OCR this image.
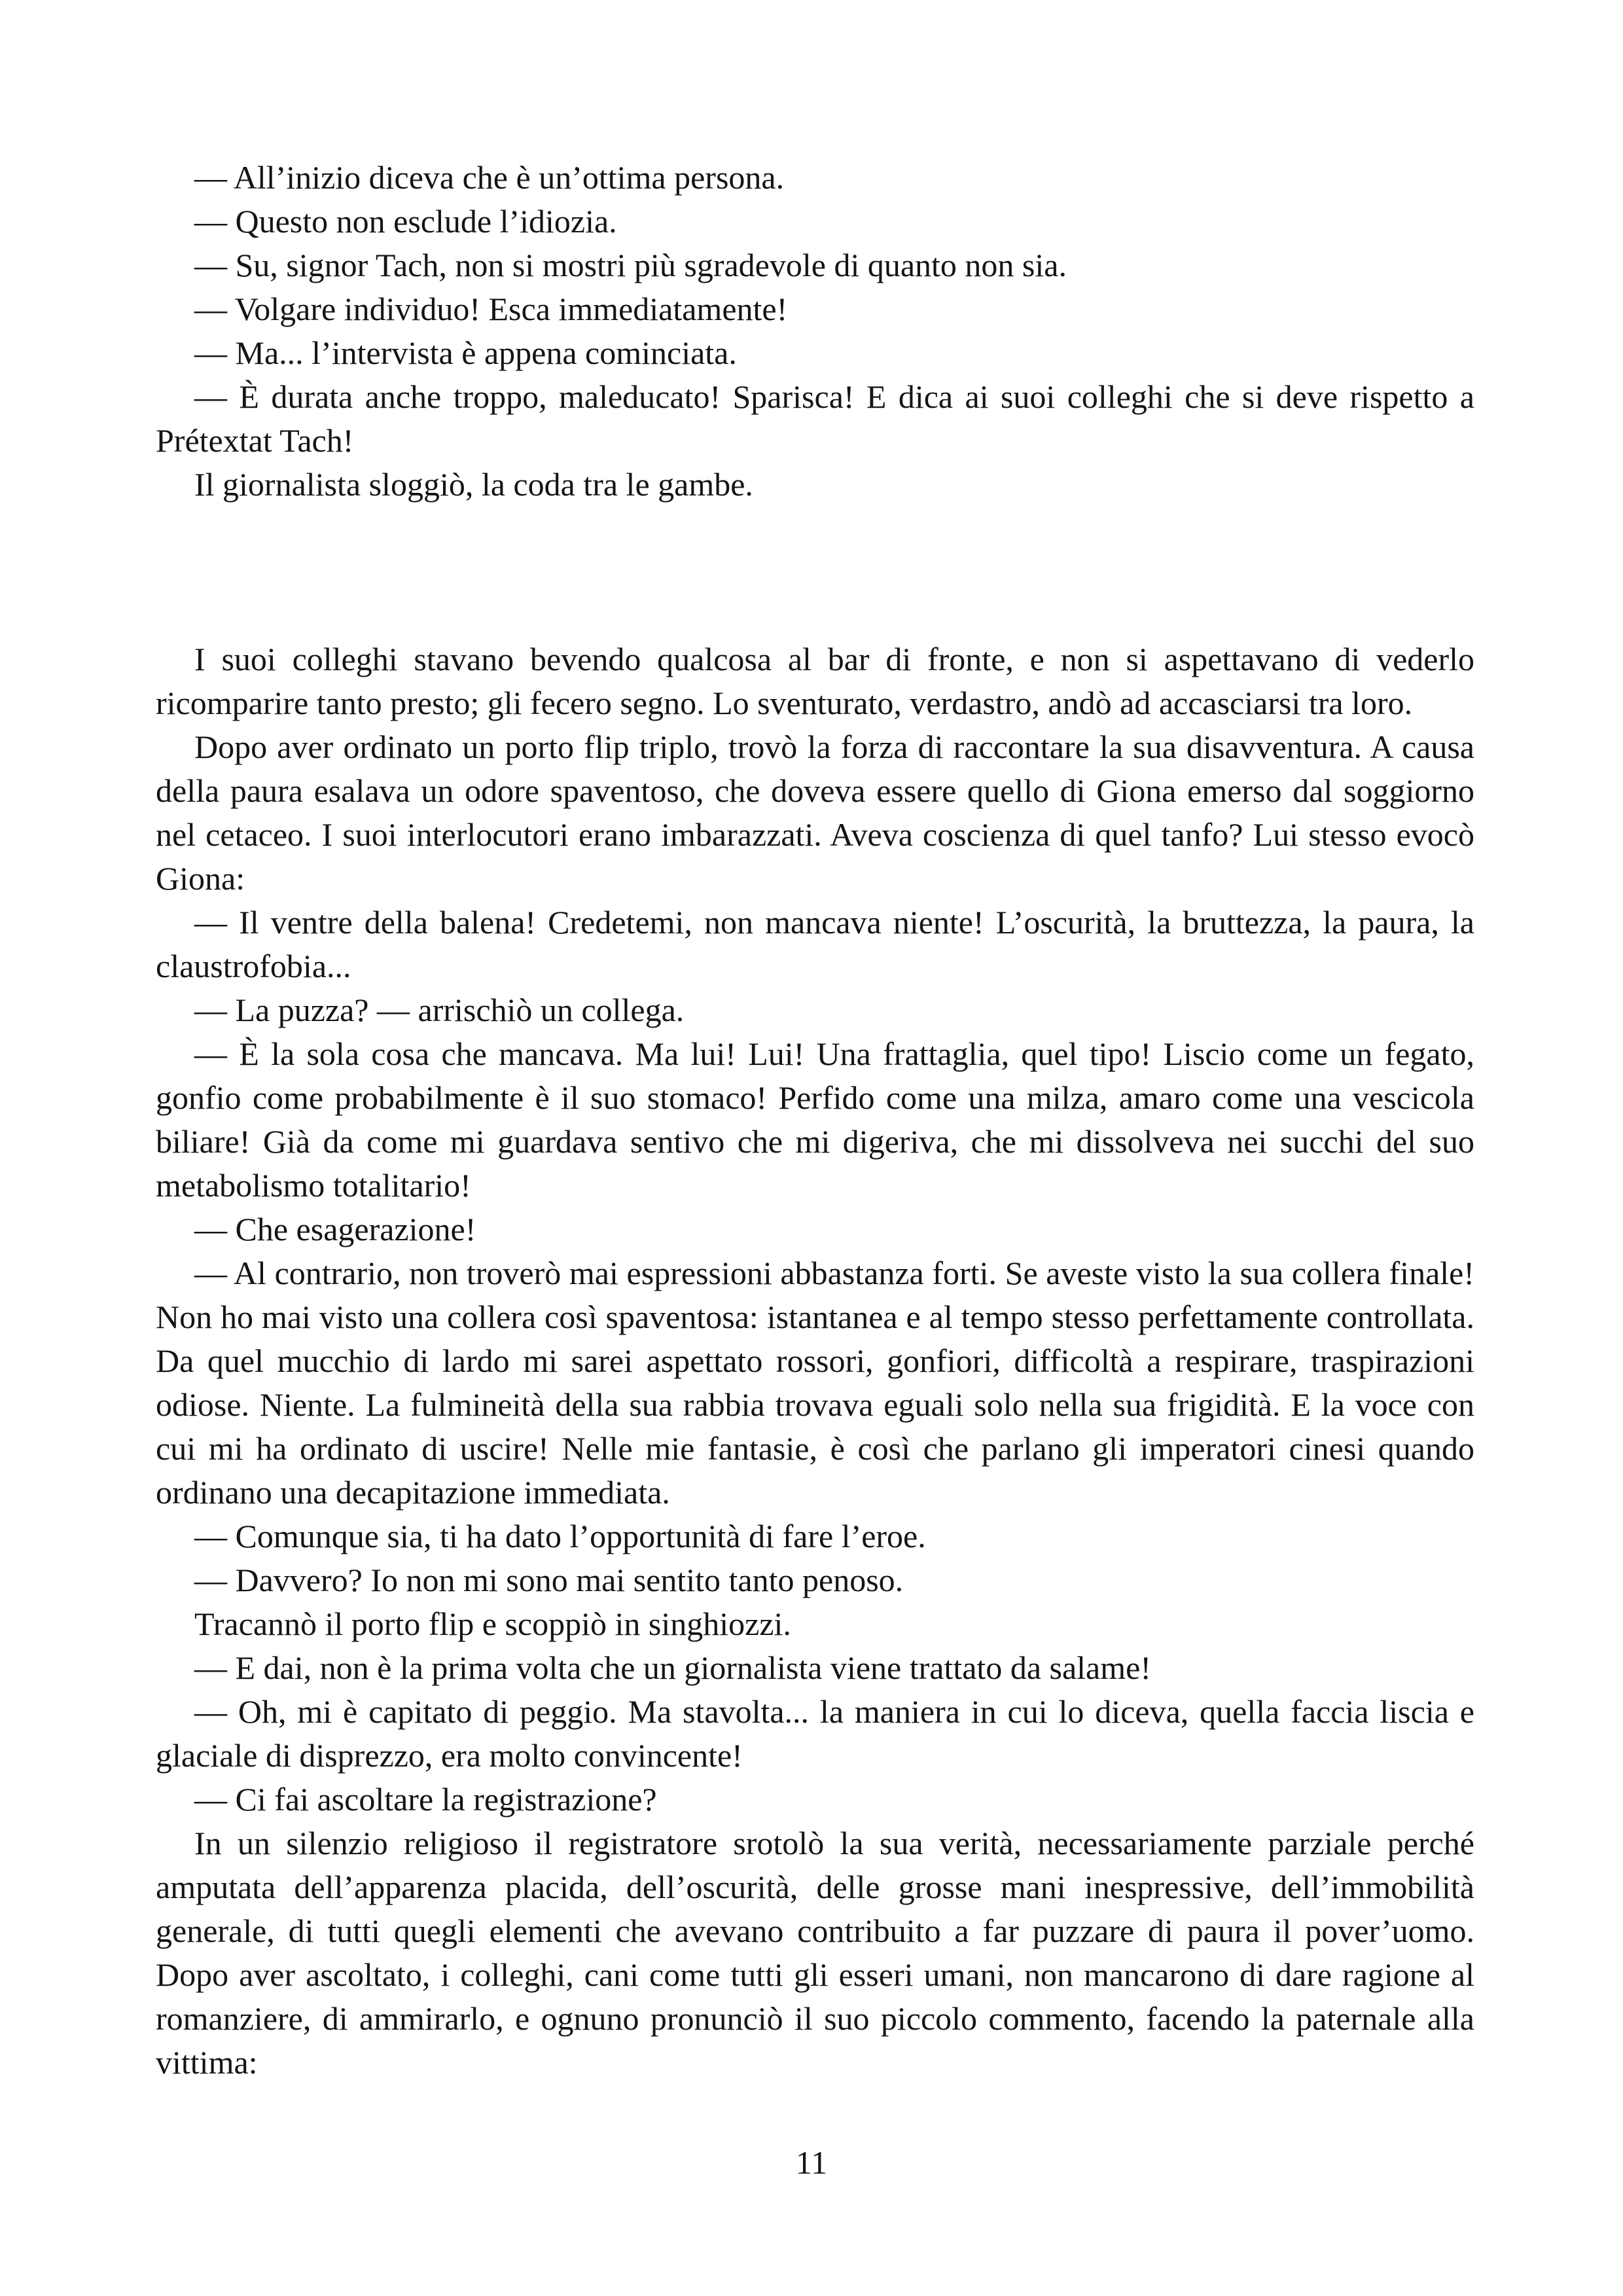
— All’inizio diceva che è un’ottima persona.

— Questo non esclude l’idiozia.

— Su, signor Tach, non si mostri più sgradevole di quanto non sia.

— Volgare individuo! Esca immediatamente!

— Ma... l’intervista è appena cominciata.

— È durata anche troppo, maleducato! Sparisca! E dica ai suoi colleghi che si deve rispetto a Prétextat Tach!

Il giornalista sloggiò, la coda tra le gambe.

I suoi colleghi stavano bevendo qualcosa al bar di fronte, e non si aspettavano di vederlo ricomparire tanto presto; gli fecero segno. Lo sventurato, verdastro, andò ad accasciarsi tra loro.

Dopo aver ordinato un porto flip triplo, trovò la forza di raccontare la sua disavventura. A causa della paura esalava un odore spaventoso, che doveva essere quello di Giona emerso dal soggiorno nel cetaceo. I suoi interlocutori erano imbarazzati. Aveva coscienza di quel tanfo? Lui stesso evocò Giona:

— Il ventre della balena! Credetemi, non mancava niente! L’oscurità, la bruttezza, la paura, la claustrofobia...

— La puzza? — arrischiò un collega.

— È la sola cosa che mancava. Ma lui! Lui! Una frattaglia, quel tipo! Liscio come un fegato, gonfio come probabilmente è il suo stomaco! Perfido come una milza, amaro come una vescicola biliare! Già da come mi guardava sentivo che mi digeriva, che mi dissolveva nei succhi del suo metabolismo totalitario!

— Che esagerazione!

— Al contrario, non troverò mai espressioni abbastanza forti. Se aveste visto la sua collera finale! Non ho mai visto una collera così spaventosa: istantanea e al tempo stesso perfettamente controllata. Da quel mucchio di lardo mi sarei aspettato rossori, gonfiori, difficoltà a respirare, traspirazioni odiose. Niente. La fulmineità della sua rabbia trovava eguali solo nella sua frigidità. E la voce con cui mi ha ordinato di uscire! Nelle mie fantasie, è così che parlano gli imperatori cinesi quando ordinano una decapitazione immediata.

— Comunque sia, ti ha dato l’opportunità di fare l’eroe.

— Davvero? Io non mi sono mai sentito tanto penoso.

Tracannò il porto flip e scoppiò in singhiozzi.

— E dai, non è la prima volta che un giornalista viene trattato da salame!

— Oh, mi è capitato di peggio. Ma stavolta... la maniera in cui lo diceva, quella faccia liscia e glaciale di disprezzo, era molto convincente!

— Ci fai ascoltare la registrazione?

In un silenzio religioso il registratore srotolò la sua verità, necessariamente parziale perché amputata dell’apparenza placida, dell’oscurità, delle grosse mani inespressive, dell’immobilità generale, di tutti quegli elementi che avevano contribuito a far puzzare di paura il pover’uomo. Dopo aver ascoltato, i colleghi, cani come tutti gli esseri umani, non mancarono di dare ragione al romanziere, di ammirarlo, e ognuno pronunciò il suo piccolo commento, facendo la paternale alla vittima:

11
